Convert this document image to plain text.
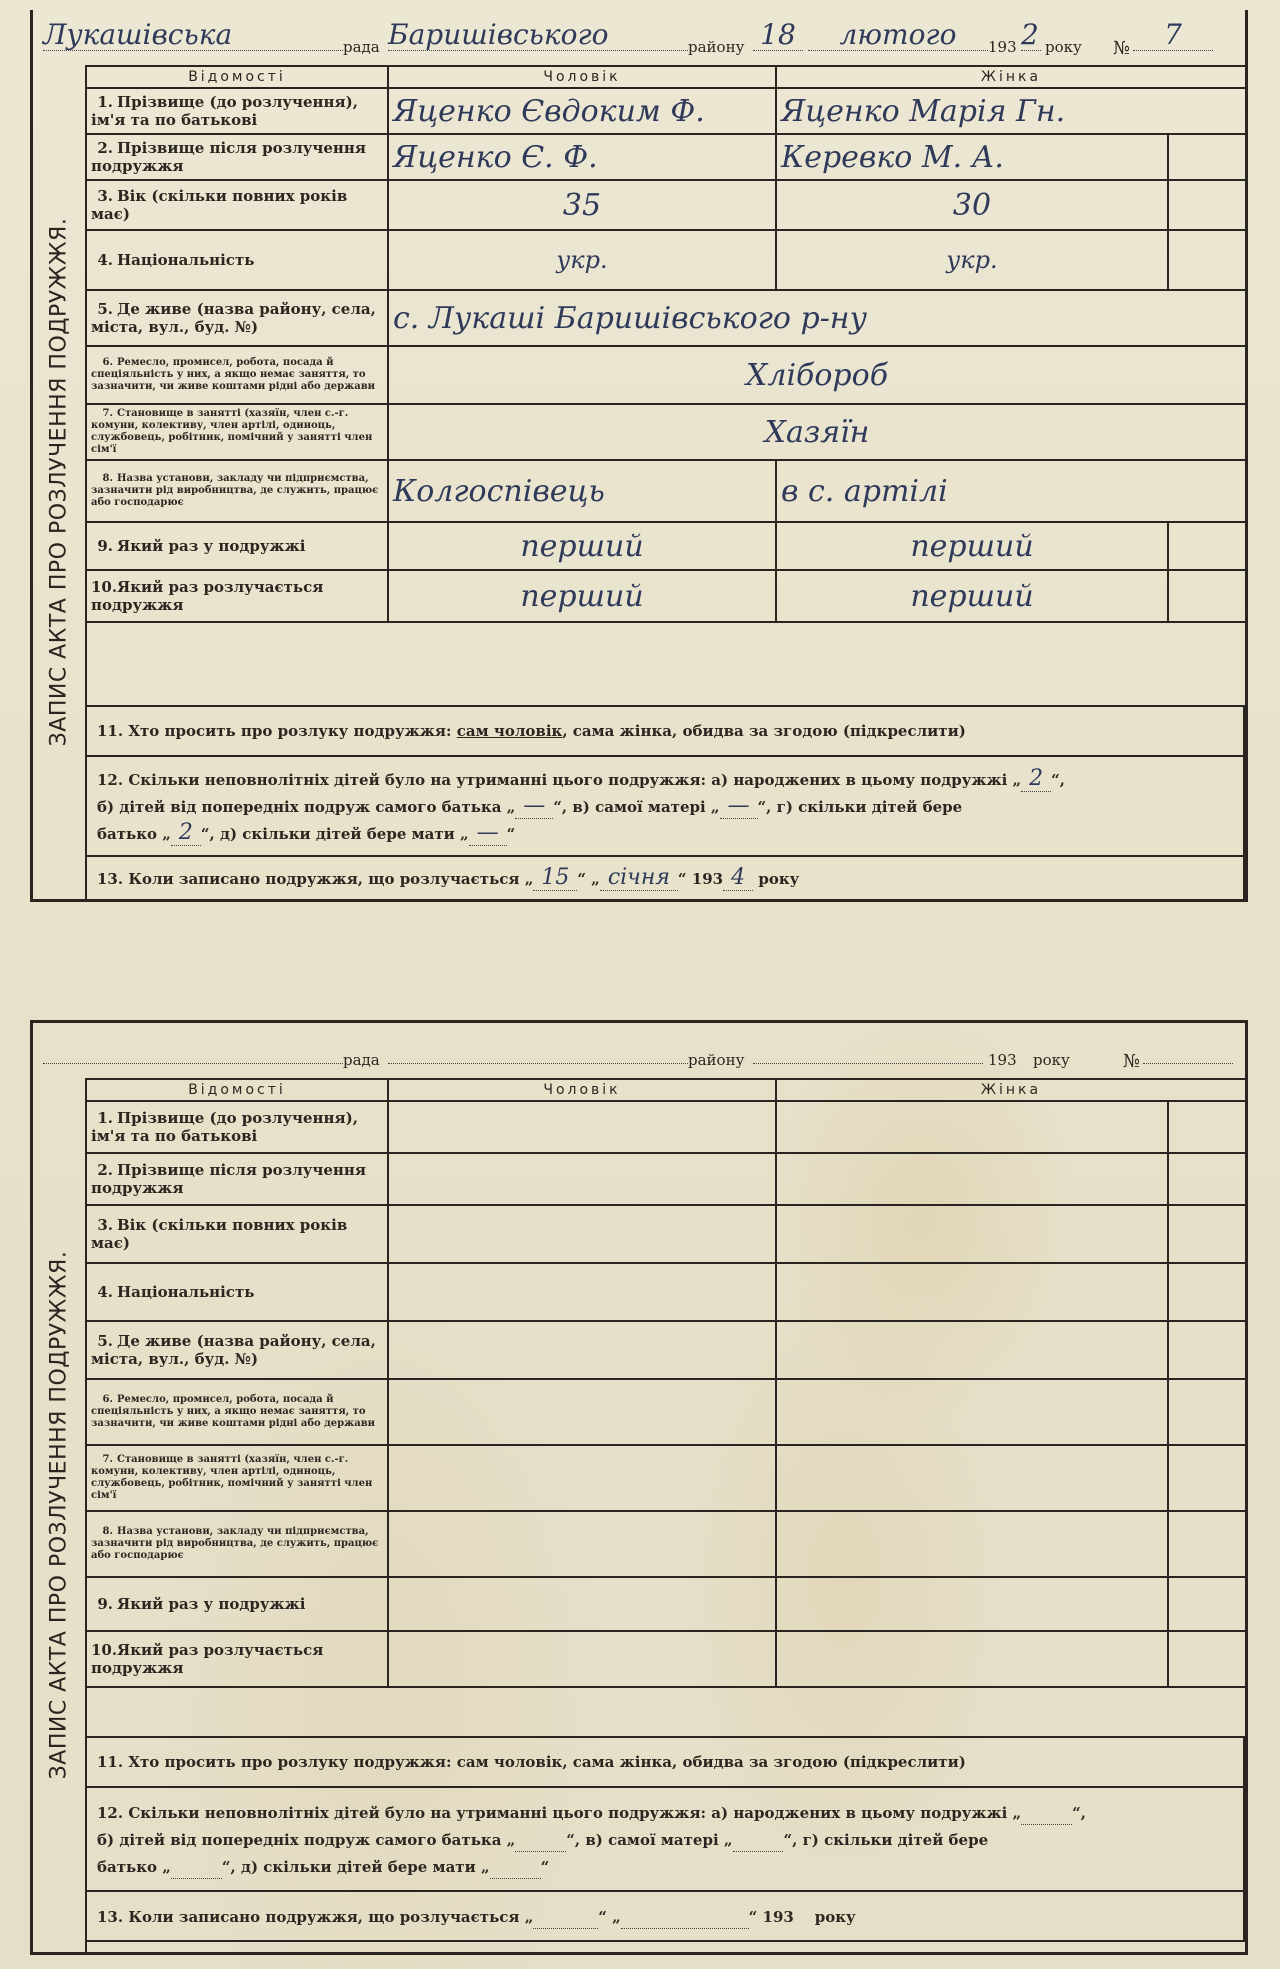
Лукашівська	рада Баришівського	району 18	лютого	193 2 року №	7
ЗАПИС АКТА ПРО РОЗЛУЧЕННЯ ПОДРУЖЖЯ.
Відомості	Чоловік	Жінка	
1. Прізвище (до розлучення), ім'я та по батькові	Яценко Євдоким Ф.	Яценко Марія Гн.	
2. Прізвище після розлучення подружжя	Яценко Є. Ф.	Керевко М. А.	
3. Вік (скільки повних років має)	35	30	
4. Національність	укр.	укр.	
5. Де живе (назва району, села, міста, вул., буд. №)	с. Лукаші Баришівського р-ну		
6. Ремесло, промисел, робота, посада й спеціяльність у них, а якщо немає заняття, то зазначити, чи живе коштами рідні або держави	Хлібороб		
7. Становище в занятті (хазяїн, член с.-г. комуни, колективу, член артілі, одиноць, службовець, робітник, помічний у занятті член сім'ї	Хазяїн		
8. Назва установи, закладу чи підприємства, зазначити рід виробництва, де служить, працює або господарює	Колгоспівець	в с. артілі	
9. Який раз у подружжі	перший	перший	
10.Який раз розлучається подружжя	перший	перший	
11. Хто просить про розлуку подружжя: сам чоловік, сама жінка, обидва за згодою (підкреслити)
12. Скільки неповнолітніх дітей було на утриманні цього подружжя: а) народжених в цьому подружжі „ 2 “,
б) дітей від попередніх подруж самого батька „ — “, в) самої матері „ — “, г) скільки дітей бере
батько „ 2 “, д) скільки дітей бере мати „ — “
13. Коли записано подружжя, що розлучається „ 15 “ „ січня “ 193 4 року
рада	району	193 року	№
ЗАПИС АКТА ПРО РОЗЛУЧЕННЯ ПОДРУЖЖЯ.
Відомості	Чоловік	Жінка	
1. Прізвище (до розлучення), ім'я та по батькові			
2. Прізвище після розлучення подружжя			
3. Вік (скільки повних років має)			
4. Національність			
5. Де живе (назва району, села, міста, вул., буд. №)			
6. Ремесло, промисел, робота, посада й спеціяльність у них, а якщо немає заняття, то зазначити, чи живе коштами рідні або держави			
7. Становище в занятті (хазяїн, член с.-г. комуни, колективу, член артілі, одиноць, службовець, робітник, помічний у занятті член сім'ї			
8. Назва установи, закладу чи підприємства, зазначити рід виробництва, де служить, працює або господарює			
9. Який раз у подружжі			
10.Який раз розлучається подружжя			
11. Хто просить про розлуку подружжя: сам чоловік, сама жінка, обидва за згодою (підкреслити)
12. Скільки неповнолітніх дітей було на утриманні цього подружжя: а) народжених в цьому подружжі „	“,
б) дітей від попередніх подруж самого батька „	“, в) самої матері „	“, г) скільки дітей бере
батько „	“, д) скільки дітей бере мати „	“
13. Коли записано подружжя, що розлучається „	“ „	“ 193 року
